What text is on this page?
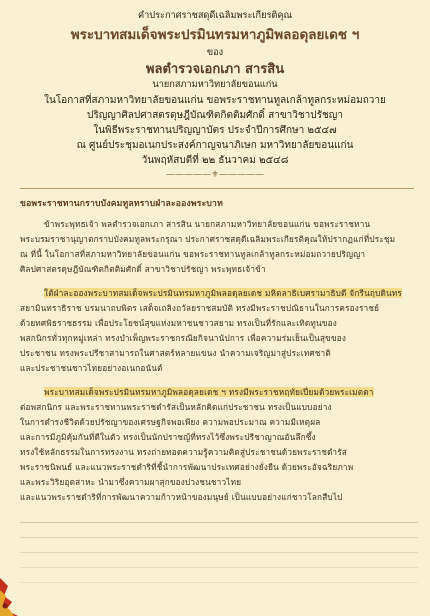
คำประกาศราชสดุดีเฉลิมพระเกียรติคุณ
พระบาทสมเด็จพระปรมินทรมหาภูมิพลอดุลยเดช ฯ
ของ
พลตำรวจเอกเภา สารสิน
นายกสภามหาวิทยาลัยขอนแก่น
ในโอกาสที่สภามหาวิทยาลัยขอนแก่น ขอพระราชทานทูลเกล้าทูลกระหม่อมถวาย
ปริญญาศิลปศาสตรดุษฎีบัณฑิตกิตติมศักดิ์ สาขาวิชาปรัชญา
ในพิธีพระราชทานปริญญาบัตร ประจำปีการศึกษา ๒๕๔๗
ณ ศูนย์ประชุมอเนกประสงค์กาญจนาภิเษก มหาวิทยาลัยขอนแก่น
วันพฤหัสบดีที่ ๒๒ ธันวาคม ๒๕๔๘
—————⚜—————
ขอพระราชทานกราบบังคมทูลทราบฝ่าละอองพระบาท
ข้าพระพุทธเจ้า พลตำรวจเอกเภา สารสิน นายกสภามหาวิทยาลัยขอนแก่น ขอพระราชทาน
พระบรมราชานุญาตกราบบังคมทูลพระกรุณา ประกาศราชสดุดีเฉลิมพระเกียรติคุณให้ปรากฏแก่ที่ประชุม
ณ ที่นี้ ในโอกาสที่สภามหาวิทยาลัยขอนแก่น ขอพระราชทานทูลเกล้าทูลกระหม่อมถวายปริญญา
ศิลปศาสตรดุษฎีบัณฑิตกิตติมศักดิ์ สาขาวิชาปรัชญา พระพุทธเจ้าข้า
ใต้ฝ่าละอองพระบาทสมเด็จพระปรมินทรมหาภูมิพลอดุลยเดช มหิตลาธิเบศรามาธิบดี จักรีนฤบดินทร
สยามินทราธิราช บรมนาถบพิตร เสด็จเถลิงถวัลยราชสมบัติ ทรงมีพระราชปณิธานในการครองราชย์
ด้วยทศพิธราชธรรม เพื่อประโยชน์สุขแห่งมหาชนชาวสยาม ทรงเป็นที่รักและเทิดทูนของ
พสกนิกรทั่วทุกหมู่เหล่า ทรงบำเพ็ญพระราชกรณียกิจนานัปการ เพื่อความร่มเย็นเป็นสุขของ
ประชาชน ทรงพระปรีชาสามารถในศาสตร์หลายแขนง นำความเจริญมาสู่ประเทศชาติ
และประชาชนชาวไทยอย่างอเนกอนันต์
พระบาทสมเด็จพระปรมินทรมหาภูมิพลอดุลยเดช ฯ ทรงมีพระราชหฤทัยเปี่ยมด้วยพระเมตตา
ต่อพสกนิกร และพระราชทานพระราชดำรัสเป็นหลักคิดแก่ประชาชน ทรงเป็นแบบอย่าง
ในการดำรงชีวิตด้วยปรัชญาของเศรษฐกิจพอเพียง ความพอประมาณ ความมีเหตุผล
และการมีภูมิคุ้มกันที่ดีในตัว ทรงเป็นนักปราชญ์ที่ทรงไว้ซึ่งพระปรีชาญาณอันลึกซึ้ง
ทรงใช้หลักธรรมในการทรงงาน ทรงถ่ายทอดความรู้ความคิดสู่ประชาชนด้วยพระราชดำรัส
พระราชนิพนธ์ และแนวพระราชดำริที่ชี้นำการพัฒนาประเทศอย่างยั่งยืน ด้วยพระอัจฉริยภาพ
และพระวิริยอุตสาหะ นำมาซึ่งความผาสุกของปวงชนชาวไทย
และแนวพระราชดำริที่การพัฒนาความก้าวหน้าของมนุษย์ เป็นแบบอย่างแก่ชาวโลกสืบไป
